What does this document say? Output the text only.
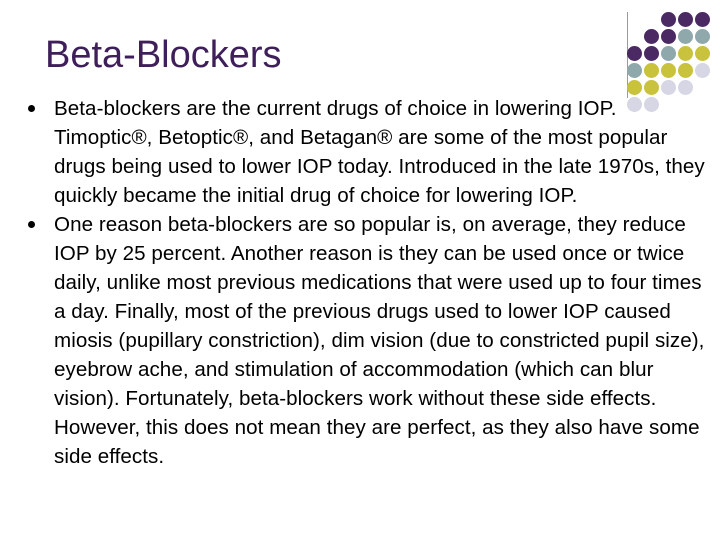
Beta-Blockers

Beta-blockers are the current drugs of choice in lowering IOP. Timoptic®, Betoptic®, and Betagan® are some of the most popular drugs being used to lower IOP today. Introduced in the late 1970s, they quickly became the initial drug of choice for lowering IOP.

One reason beta-blockers are so popular is, on average, they reduce IOP by 25 percent. Another reason is they can be used once or twice daily, unlike most previous medications that were used up to four times a day. Finally, most of the previous drugs used to lower IOP caused miosis (pupillary constriction), dim vision (due to constricted pupil size), eyebrow ache, and stimulation of accommodation (which can blur vision). Fortunately, beta-blockers work without these side effects. However, this does not mean they are perfect, as they also have some side effects.
